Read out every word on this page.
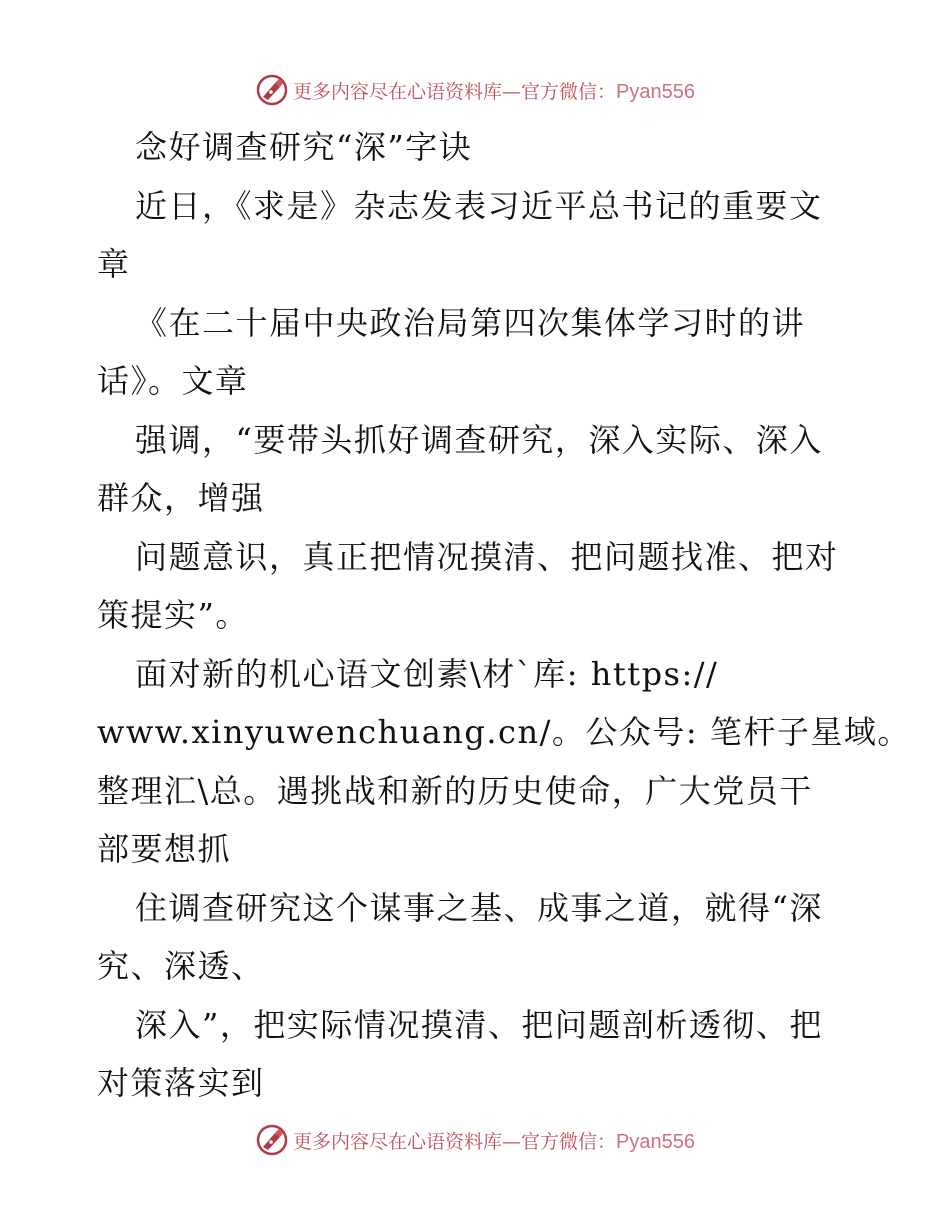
更多内容尽在心语资料库—官方微信：Pyan556
念好调查研究“深”字诀
近日，《求是》杂志发表习近平总书记的重要文
章
《在二十届中央政治局第四次集体学习时的讲
话》。文章
强调，“要带头抓好调查研究，深入实际、深入
群众，增强
问题意识，真正把情况摸清、把问题找准、把对
策提实”。
面对新的机心语文创素\材`库: https://
www.xinyuwenchuang.cn/。公众号: 笔杆子星域。
整理汇\总。遇挑战和新的历史使命，广大党员干
部要想抓
住调查研究这个谋事之基、成事之道，就得“深
究、深透、
深入”，把实际情况摸清、把问题剖析透彻、把
对策落实到
更多内容尽在心语资料库—官方微信：Pyan556
